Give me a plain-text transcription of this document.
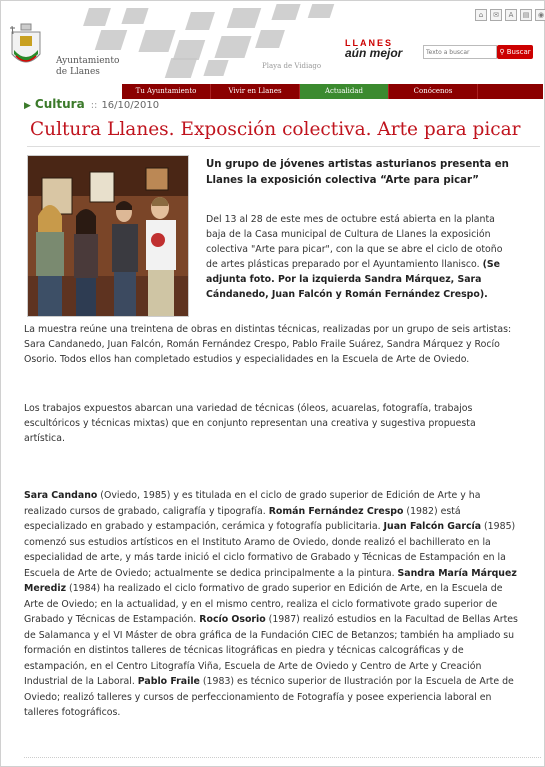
Ayuntamiento
de Llanes
Playa de Vidiago
⌂	✉	A	▤	◉
LLANES
aún mejor
Texto a buscar	⚲ Buscar
Tu Ayuntamiento	Vivir en Llanes	Actualidad	Conócenos
▶ Cultura :: 16/10/2010
Cultura Llanes. Exposción colectiva. Arte para picar
Un grupo de jóvenes artistas asturianos presenta en Llanes la exposición colectiva “Arte para picar”
Del 13 al 28 de este mes de octubre está abierta en la planta baja de la Casa municipal de Cultura de Llanes la exposición colectiva "Arte para picar", con la que se abre el ciclo de otoño de artes plásticas preparado por el Ayuntamiento llanisco. (Se adjunta foto. Por la izquierda Sandra Márquez, Sara Cándanedo, Juan Falcón y Román Fernández Crespo).
La muestra reúne una treintena de obras en distintas técnicas, realizadas por un grupo de seis artistas: Sara Candanedo, Juan Falcón, Román Fernández Crespo, Pablo Fraile Suárez, Sandra Márquez y Rocío Osorio. Todos ellos han completado estudios y especialidades en la Escuela de Arte de Oviedo.
Los trabajos expuestos abarcan una variedad de técnicas (óleos, acuarelas, fotografía, trabajos escultóricos y técnicas mixtas) que en conjunto representan una creativa y sugestiva propuesta artística.
Sara Candano (Oviedo, 1985) y es titulada en el ciclo de grado superior de Edición de Arte y ha realizado cursos de grabado, caligrafía y tipografía. Román Fernández Crespo (1982) está especializado en grabado y estampación, cerámica y fotografía publicitaria. Juan Falcón García (1985) comenzó sus estudios artísticos en el Instituto Aramo de Oviedo, donde realizó el bachillerato en la especialidad de arte, y más tarde inició el ciclo formativo de Grabado y Técnicas de Estampación en la Escuela de Arte de Oviedo; actualmente se dedica principalmente a la pintura. Sandra María Márquez Merediz (1984) ha realizado el ciclo formativo de grado superior en Edición de Arte, en la Escuela de Arte de Oviedo; en la actualidad, y en el mismo centro, realiza el ciclo formativote grado superior de Grabado y Técnicas de Estampación. Rocío Osorio (1987) realizó estudios en la Facultad de Bellas Artes de Salamanca y el VI Máster de obra gráfica de la Fundación CIEC de Betanzos; también ha ampliado su formación en distintos talleres de técnicas litográficas en piedra y técnicas calcográficas y de estampación, en el Centro Litografía Viña, Escuela de Arte de Oviedo y Centro de Arte y Creación Industrial de la Laboral. Pablo Fraile (1983) es técnico superior de Ilustración por la Escuela de Arte de Oviedo; realizó talleres y cursos de perfeccionamiento de Fotografía y posee experiencia laboral en talleres fotográficos.
